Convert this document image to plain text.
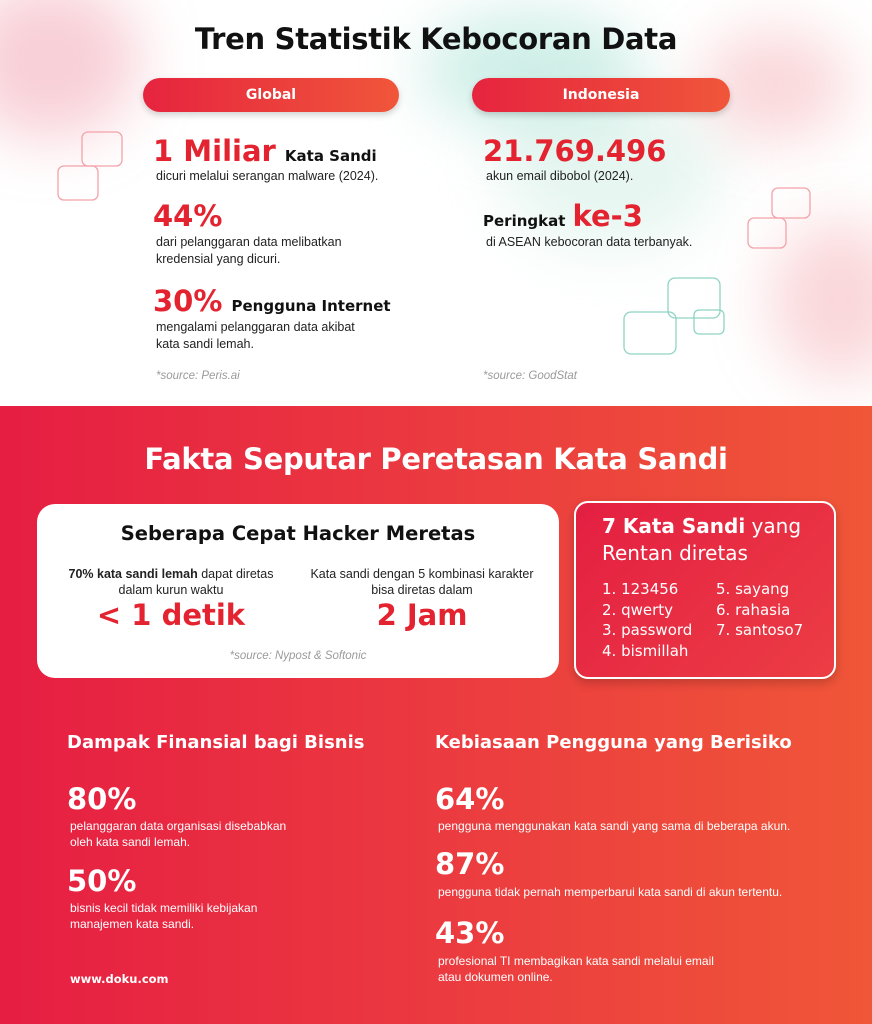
Tren Statistik Kebocoran Data
Global	Indonesia
1 Miliar Kata Sandi
dicuri melalui serangan malware (2024).
44%
dari pelanggaran data melibatkan
kredensial yang dicuri.
30% Pengguna Internet
mengalami pelanggaran data akibat
kata sandi lemah.
*source: Peris.ai
21.769.496
akun email dibobol (2024).
Peringkat ke-3
di ASEAN kebocoran data terbanyak.
*source: GoodStat
Fakta Seputar Peretasan Kata Sandi
Seberapa Cepat Hacker Meretas
70% kata sandi lemah dapat diretas
dalam kurun waktu
< 1 detik
Kata sandi dengan 5 kombinasi karakter
bisa diretas dalam
2 Jam
*source: Nypost & Softonic
7 Kata Sandi yang
Rentan diretas
1. 123456
2. qwerty
3. password
4. bismillah
5. sayang
6. rahasia
7. santoso7
Dampak Finansial bagi Bisnis
80%
pelanggaran data organisasi disebabkan
oleh kata sandi lemah.
50%
bisnis kecil tidak memiliki kebijakan
manajemen kata sandi.
Kebiasaan Pengguna yang Berisiko
64%
pengguna menggunakan kata sandi yang sama di beberapa akun.
87%
pengguna tidak pernah memperbarui kata sandi di akun tertentu.
43%
profesional TI membagikan kata sandi melalui email
atau dokumen online.
www.doku.com
